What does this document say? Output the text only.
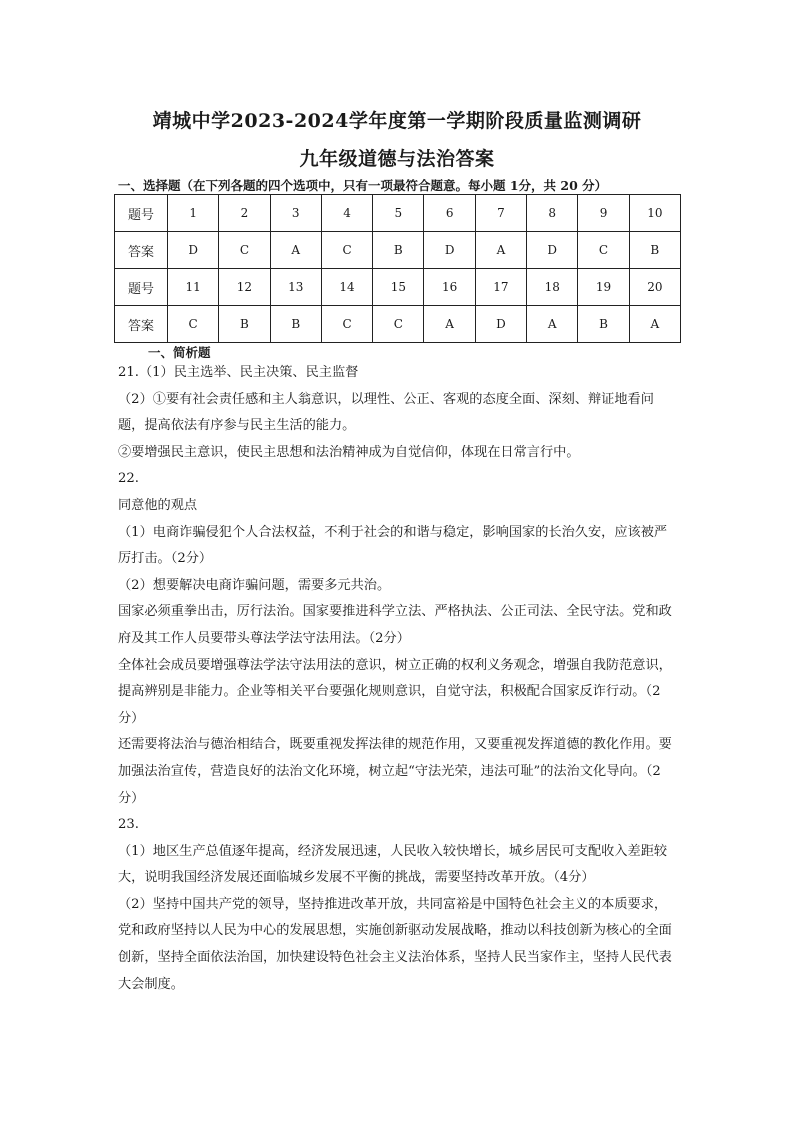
靖城中学2023-2024学年度第一学期阶段质量监测调研
九年级道德与法治答案
一、选择题（在下列各题的四个选项中，只有一项最符合题意。每小题 1分，共 20 分）
题号	1	2	3	4	5	6	7	8	9	10
答案	D	C	A	C	B	D	A	D	C	B
题号	11	12	13	14	15	16	17	18	19	20
答案	C	B	B	C	C	A	D	A	B	A
一、简析题

21.（1）民主选举、民主决策、民主监督

（2）①要有社会责任感和主人翁意识，以理性、公正、客观的态度全面、深刻、辩证地看问题，提高依法有序参与民主生活的能力。

②要增强民主意识，使民主思想和法治精神成为自觉信仰，体现在日常言行中。

22.

同意他的观点

（1）电商诈骗侵犯个人合法权益，不利于社会的和谐与稳定，影响国家的长治久安，应该被严厉打击。（2分）

（2）想要解决电商诈骗问题，需要多元共治。

国家必须重拳出击，厉行法治。国家要推进科学立法、严格执法、公正司法、全民守法。党和政府及其工作人员要带头尊法学法守法用法。（2分）

全体社会成员要增强尊法学法守法用法的意识，树立正确的权利义务观念，增强自我防范意识，提高辨别是非能力。企业等相关平台要强化规则意识，自觉守法，积极配合国家反诈行动。（2分）

还需要将法治与德治相结合，既要重视发挥法律的规范作用，又要重视发挥道德的教化作用。要加强法治宣传，营造良好的法治文化环境，树立起“守法光荣，违法可耻”的法治文化导向。（2分）

23.

（1）地区生产总值逐年提高，经济发展迅速，人民收入较快增长，城乡居民可支配收入差距较大，说明我国经济发展还面临城乡发展不平衡的挑战，需要坚持改革开放。（4分）

（2）坚持中国共产党的领导，坚持推进改革开放，共同富裕是中国特色社会主义的本质要求，党和政府坚持以人民为中心的发展思想，实施创新驱动发展战略，推动以科技创新为核心的全面创新，坚持全面依法治国，加快建设特色社会主义法治体系，坚持人民当家作主，坚持人民代表大会制度。
